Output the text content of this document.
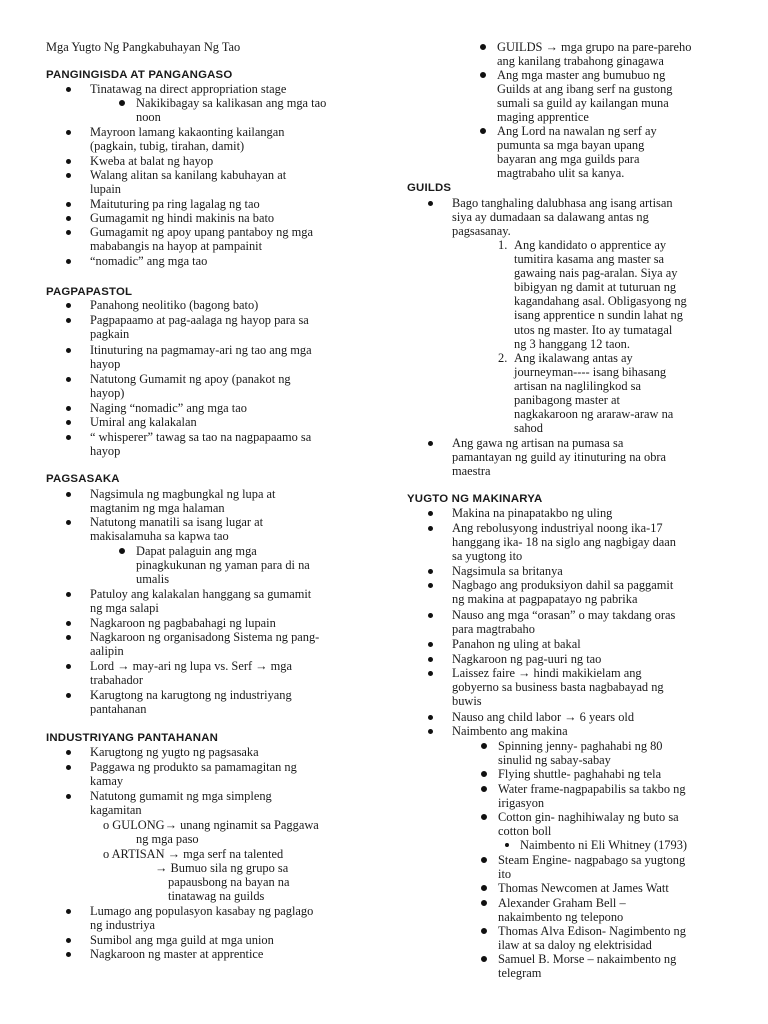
Mga Yugto Ng Pangkabuhayan Ng Tao
PANGINGISDA AT PANGANGASO
Tinatawag na direct appropriation stage
Nakikibagay sa kalikasan ang mga tao
noon
Mayroon lamang kakaonting kailangan
(pagkain, tubig, tirahan, damit)
Kweba at balat ng hayop
Walang alitan sa kanilang kabuhayan at
lupain
Maituturing pa ring lagalag ng tao
Gumagamit ng hindi makinis na bato
Gumagamit ng apoy upang pantaboy ng mga
mababangis na hayop at pampainit
“nomadic” ang mga tao
PAGPAPASTOL
Panahong neolitiko (bagong bato)
Pagpapaamo at pag-aalaga ng hayop para sa
pagkain
Itinuturing na pagmamay-ari ng tao ang mga
hayop
Natutong Gumamit ng apoy (panakot ng
hayop)
Naging “nomadic” ang mga tao
Umiral ang kalakalan
“ whisperer” tawag sa tao na nagpapaamo sa
hayop
PAGSASAKA
Nagsimula ng magbungkal ng lupa at
magtanim ng mga halaman
Natutong manatili sa isang lugar at
makisalamuha sa kapwa tao
Dapat palaguin ang mga
pinagkukunan ng yaman para di na
umalis
Patuloy ang kalakalan hanggang sa gumamit
ng mga salapi
Nagkaroon ng pagbabahagi ng lupain
Nagkaroon ng organisadong Sistema ng pang-
aalipin
Lord → may-ari ng lupa vs. Serf → mga
trabahador
Karugtong na karugtong ng industriyang
pantahanan
INDUSTRIYANG PANTAHANAN
Karugtong ng yugto ng pagsasaka
Paggawa ng produkto sa pamamagitan ng
kamay
Natutong gumamit ng mga simpleng
kagamitan
o GULONG→ unang nginamit sa Paggawa
ng mga paso
o ARTISAN → mga serf na talented
→ Bumuo sila ng grupo sa
papausbong na bayan na
tinatawag na guilds
Lumago ang populasyon kasabay ng paglago
ng industriya
Sumibol ang mga guild at mga union
Nagkaroon ng master at apprentice
GUILDS → mga grupo na pare-pareho
ang kanilang trabahong ginagawa
Ang mga master ang bumubuo ng
Guilds at ang ibang serf na gustong
sumali sa guild ay kailangan muna
maging apprentice
Ang Lord na nawalan ng serf ay
pumunta sa mga bayan upang
bayaran ang mga guilds para
magtrabaho ulit sa kanya.
GUILDS
Bago tanghaling dalubhasa ang isang artisan
siya ay dumadaan sa dalawang antas ng
pagsasanay.
1. Ang kandidato o apprentice ay
tumitira kasama ang master sa
gawaing nais pag-aralan. Siya ay
bibigyan ng damit at tuturuan ng
kagandahang asal. Obligasyong ng
isang apprentice n sundin lahat ng
utos ng master. Ito ay tumatagal
ng 3 hanggang 12 taon.
2. Ang ikalawang antas ay
journeyman---- isang bihasang
artisan na naglilingkod sa
panibagong master at
nagkakaroon ng araraw-araw na
sahod
Ang gawa ng artisan na pumasa sa
pamantayan ng guild ay itinuturing na obra
maestra
YUGTO NG MAKINARYA
Makina na pinapatakbo ng uling
Ang rebolusyong industriyal noong ika-17
hanggang ika- 18 na siglo ang nagbigay daan
sa yugtong ito
Nagsimula sa britanya
Nagbago ang produksiyon dahil sa paggamit
ng makina at pagpapatayo ng pabrika
Nauso ang mga “orasan” o may takdang oras
para magtrabaho
Panahon ng uling at bakal
Nagkaroon ng pag-uuri ng tao
Laissez faire → hindi makikielam ang
gobyerno sa business basta nagbabayad ng
buwis
Nauso ang child labor → 6 years old
Naimbento ang makina
Spinning jenny- paghahabi ng 80
sinulid ng sabay-sabay
Flying shuttle- paghahabi ng tela
Water frame-nagpapabilis sa takbo ng
irigasyon
Cotton gin- naghihiwalay ng buto sa
cotton boll
Naimbento ni Eli Whitney (1793)
Steam Engine- nagpabago sa yugtong
ito
Thomas Newcomen at James Watt
Alexander Graham Bell –
nakaimbento ng telepono
Thomas Alva Edison- Nagimbento ng
ilaw at sa daloy ng elektrisidad
Samuel B. Morse – nakaimbento ng
telegram
